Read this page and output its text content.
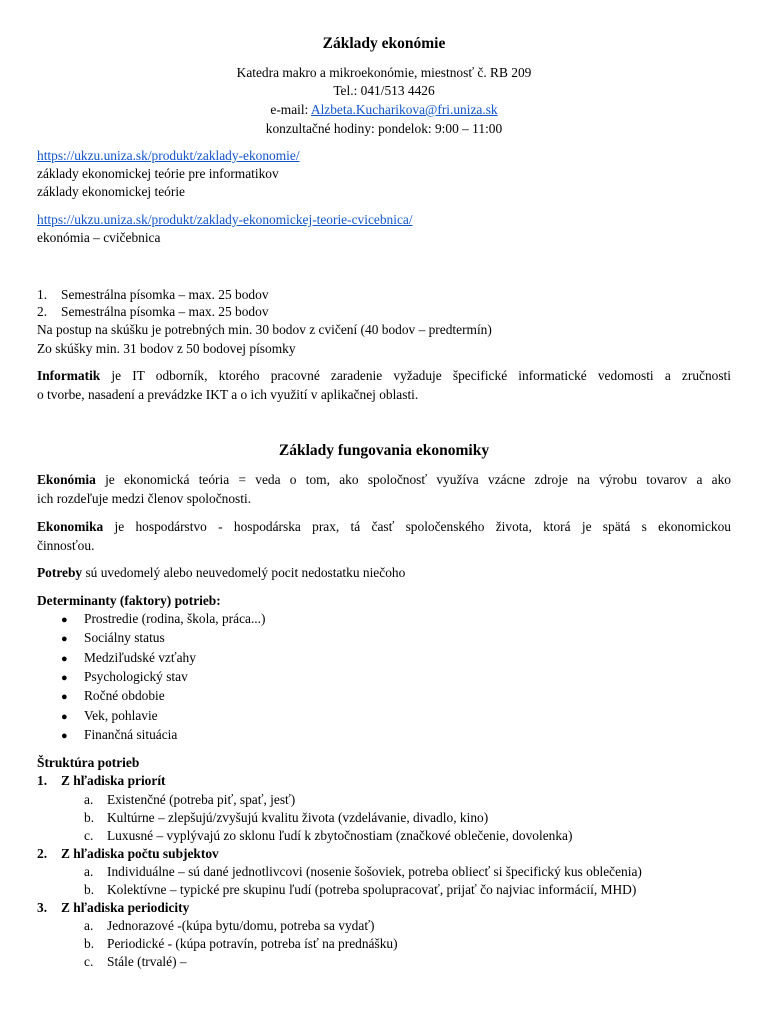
Základy ekonómie
Katedra makro a mikroekonómie, miestnosť č. RB 209
Tel.: 041/513 4426
e-mail: Alzbeta.Kucharikova@fri.uniza.sk
konzultačné hodiny: pondelok: 9:00 – 11:00
https://ukzu.uniza.sk/produkt/zaklady-ekonomie/
základy ekonomickej teórie pre informatikov
základy ekonomickej teórie
https://ukzu.uniza.sk/produkt/zaklady-ekonomickej-teorie-cvicebnica/
ekonómia – cvičebnica
1. Semestrálna písomka – max. 25 bodov
2. Semestrálna písomka – max. 25 bodov
Na postup na skúšku je potrebných min. 30 bodov z cvičení (40 bodov – predtermín)
Zo skúšky min. 31 bodov z 50 bodovej písomky
Informatik je IT odborník, ktorého pracovné zaradenie vyžaduje špecifické informatické vedomosti a zručnosti
o tvorbe, nasadení a prevádzke IKT a o ich využití v aplikačnej oblasti.
Základy fungovania ekonomiky
Ekonómia je ekonomická teória = veda o tom, ako spoločnosť využíva vzácne zdroje na výrobu tovarov a ako
ich rozdeľuje medzi členov spoločnosti.
Ekonomika je hospodárstvo - hospodárska prax, tá časť spoločenského života, ktorá je spätá s ekonomickou
činnosťou.
Potreby sú uvedomelý alebo neuvedomelý pocit nedostatku niečoho
Determinanty (faktory) potrieb:
● Prostredie (rodina, škola, práca...)
● Sociálny status
● Medziľudské vzťahy
● Psychologický stav
● Ročné obdobie
● Vek, pohlavie
● Finančná situácia
Štruktúra potrieb
1. Z hľadiska priorít
a. Existenčné (potreba piť, spať, jesť)
b. Kultúrne – zlepšujú/zvyšujú kvalitu života (vzdelávanie, divadlo, kino)
c. Luxusné – vyplývajú zo sklonu ľudí k zbytočnostiam (značkové oblečenie, dovolenka)
2. Z hľadiska počtu subjektov
a. Individuálne – sú dané jednotlivcovi (nosenie šošoviek, potreba obliecť si špecifický kus oblečenia)
b. Kolektívne – typické pre skupinu ľudí (potreba spolupracovať, prijať čo najviac informácií, MHD)
3. Z hľadiska periodicity
a. Jednorazové -(kúpa bytu/domu, potreba sa vydať)
b. Periodické - (kúpa potravín, potreba ísť na prednášku)
c. Stále (trvalé) –
